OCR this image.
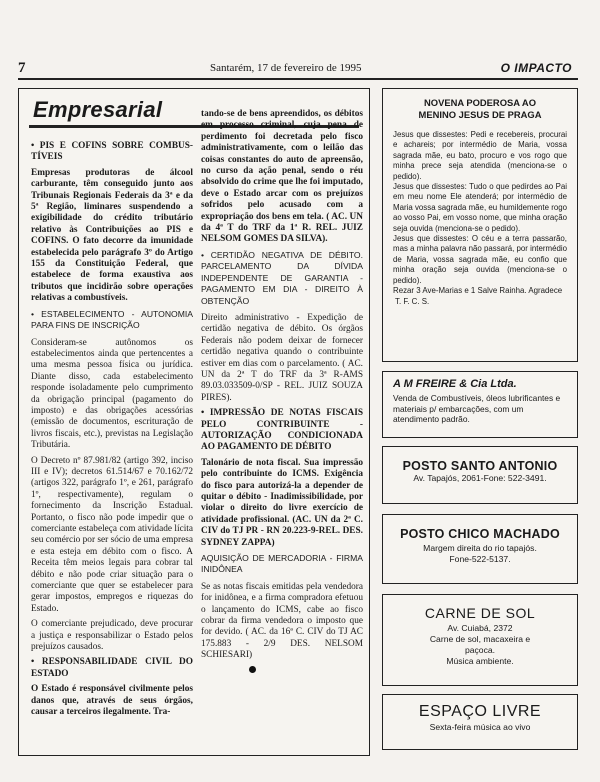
7	Santarém, 17 de fevereiro de 1995	O IMPACTO
Empresarial

• PIS E COFINS SOBRE COMBUS-TÍVEIS

Empresas produtoras de álcool carburante, têm conseguido junto aos Tribunais Regionais Federais da 3ª e da 5ª Região, liminares suspendendo a exigibilidade do crédito tributário relativo às Contribuições ao PIS e COFINS. O fato decorre da imunidade estabelecida pelo parágrafo 3º do Artigo 155 da Constituição Federal, que estabelece de forma exaustiva aos tributos que incidirão sobre operações relativas a combustíveis.

• ESTABELECIMENTO - AUTONOMIA PARA FINS DE INSCRIÇÃO

Consideram-se autônomos os estabelecimentos ainda que pertencentes a uma mesma pessoa física ou jurídica. Diante disso, cada estabelecimento responde isoladamente pelo cumprimento da obrigação principal (pagamento do imposto) e das obrigações acessórias (emissão de documentos, escrituração de livros fiscais, etc.), previstas na Legislação Tributária.

O Decreto nº 87.981/82 (artigo 392, inciso III e IV); decretos 61.514/67 e 70.162/72 (artigos 322, parágrafo 1º, e 261, parágrafo 1º, respectivamente), regulam o fornecimento da Inscrição Estadual. Portanto, o fisco não pode impedir que o comerciante estabeleça com atividade lícita seu comércio por ser sócio de uma empresa e esta esteja em débito com o fisco. A Receita têm meios legais para cobrar tal débito e não pode criar situação para o comerciante que quer se estabelecer para gerar impostos, empregos e riquezas do Estado.

O comerciante prejudicado, deve procurar a justiça e responsabilizar o Estado pelos prejuízos causados.

• RESPONSABILIDADE CIVIL DO ESTADO

O Estado é responsável civilmente pelos danos que, através de seus órgãos, causar a terceiros ilegalmente. Tra-

tando-se de bens apreendidos, os débitos em processo criminal, cuja pena de perdimento foi decretada pelo fisco administrativamente, com o leilão das coisas constantes do auto de apreensão, no curso da ação penal, sendo o réu absolvido do crime que lhe foi imputado, deve o Estado arcar com os prejuízos sofridos pelo acusado com a expropriação dos bens em tela. ( AC. UN da 4ª T do TRF da 1ª R. REL. JUIZ NELSOM GOMES DA SILVA).

• CERTIDÃO NEGATIVA DE DÉBITO. PARCELAMENTO DA DÍVIDA INDEPENDENTE DE GARANTIA - PAGAMENTO EM DIA - DIREITO À OBTENÇÃO

Direito administrativo - Expedição de certidão negativa de débito. Os órgãos Federais não podem deixar de fornecer certidão negativa quando o contribuinte estiver em dias com o parcelamento. ( AC. UN da 2ª T do TRF da 3ª R-AMS 89.03.033509-0/SP - REL. JUIZ SOUZA PIRES).

• IMPRESSÃO DE NOTAS FISCAIS PELO CONTRIBUINTE - AUTORIZAÇÃO CONDICIONADA AO PAGAMENTO DE DÉBITO

Talonário de nota fiscal. Sua impressão pelo contribuinte do ICMS. Exigência do fisco para autorizá-la a depender de quitar o débito - Inadimissibilidade, por violar o direito do livre exercício de atividade profissional. (AC. UN da 2ª C. CIV do TJ PR - RN 20.223-9-REL. DES. SYDNEY ZAPPA)

AQUISIÇÃO DE MERCADORIA - FIRMA INIDÔNEA

Se as notas fiscais emitidas pela vendedora for inidônea, e a firma compradora efetuou o lançamento do ICMS, cabe ao fisco cobrar da firma vendedora o imposto que for devido. ( AC. da 16ª C. CIV do TJ AC 175.883 - 2/9 DES. NELSOM SCHIESARI)

NOVENA PODEROSA AO
MENINO JESUS DE PRAGA

Jesus que dissestes: Pedi e recebereis, procurai e achareis; por intermédio de Maria, vossa sagrada mãe, eu bato, procuro e vos rogo que minha prece seja atendida (menciona-se o pedido).

Jesus que dissestes: Tudo o que pedirdes ao Pai em meu nome Ele atenderá; por intermédio de Maria vossa sagrada mãe, eu humildemente rogo ao vosso Pai, em vosso nome, que minha oração seja ouvida (menciona-se o pedido).

Jesus que dissestes: O céu e a terra passarão, mas a minha palavra não passará, por intermédio de Maria, vossa sagrada mãe, eu confio que minha oração seja ouvida (menciona-se o pedido).

Rezar 3 Ave-Marias e 1 Salve Rainha. Agradece

T. F. C. S.

A M FREIRE & Cia Ltda.
Venda de Combustíveis, óleos lubrificantes e materiais p/ embarcações, com um atendimento padrão.
POSTO SANTO ANTONIO
Av. Tapajós, 2061-Fone: 522-3491.
POSTO CHICO MACHADO
Margem direita do rio tapajós.
Fone-522-5137.
CARNE DE SOL
Av. Cuiabá, 2372
Carne de sol, macaxeira e
paçoca.
Música ambiente.
ESPAÇO LIVRE
Sexta-feira música ao vivo
